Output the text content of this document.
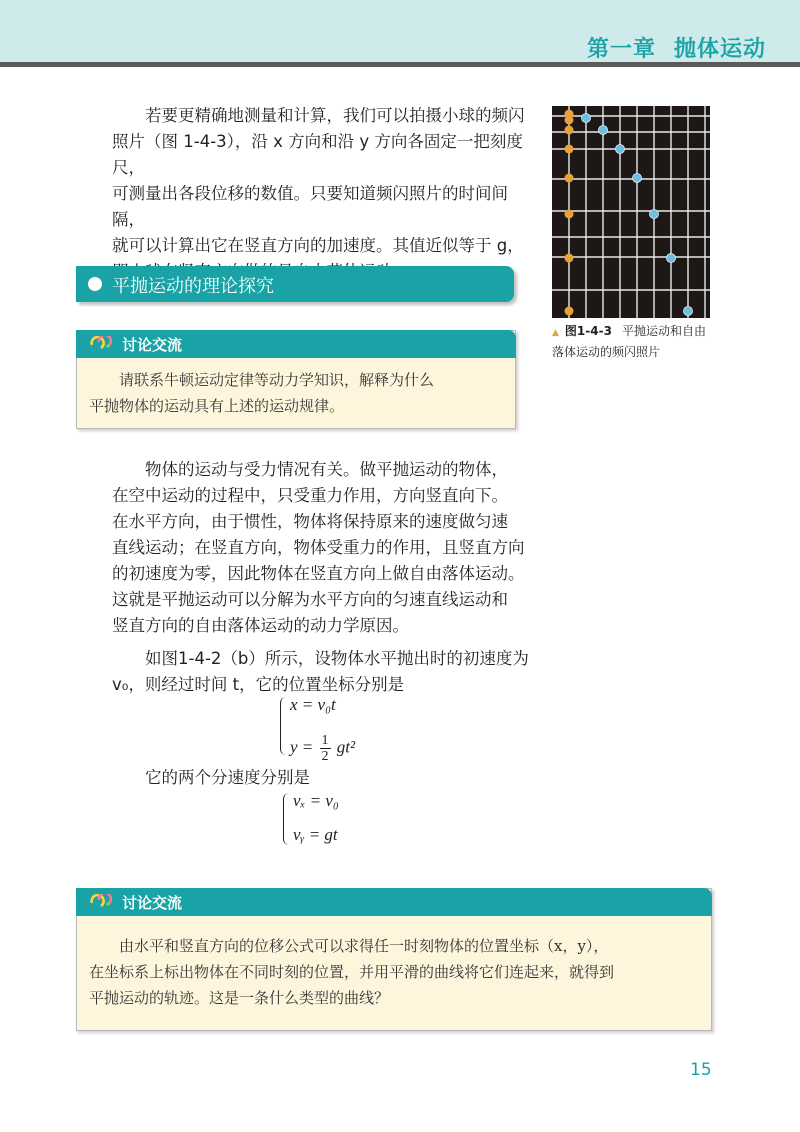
第一章 抛体运动

若要更精确地测量和计算，我们可以拍摄小球的频闪

照片（图 1-4-3），沿 x 方向和沿 y 方向各固定一把刻度尺，

可测量出各段位移的数值。只要知道频闪照片的时间间隔，

就可以计算出它在竖直方向的加速度。其值近似等于 g，

▲ 图1-4-3 平抛运动和自由
落体运动的频闪照片
平抛运动的理论探究
讨论交流

请联系牛顿运动定律等动力学知识，解释为什么

平抛物体的运动具有上述的运动规律。

物体的运动与受力情况有关。做平抛运动的物体，

在空中运动的过程中，只受重力作用，方向竖直向下。

在水平方向，由于惯性，物体将保持原来的速度做匀速

直线运动；在竖直方向，物体受重力的作用，且竖直方向

的初速度为零，因此物体在竖直方向上做自由落体运动。

这就是平抛运动可以分解为水平方向的匀速直线运动和

竖直方向的自由落体运动的动力学原因。

如图1-4-2（b）所示，设物体水平抛出时的初速度为

v₀，则经过时间 t，它的位置坐标分别是

x = v₀t
$y = \frac{1}{2} gt^2$

它的两个分速度分别是

vₓ = v₀
vᵧ = gt
讨论交流

由水平和竖直方向的位移公式可以求得任一时刻物体的位置坐标（x，y），

在坐标系上标出物体在不同时刻的位置，并用平滑的曲线将它们连起来，就得到

平抛运动的轨迹。这是一条什么类型的曲线？

15
